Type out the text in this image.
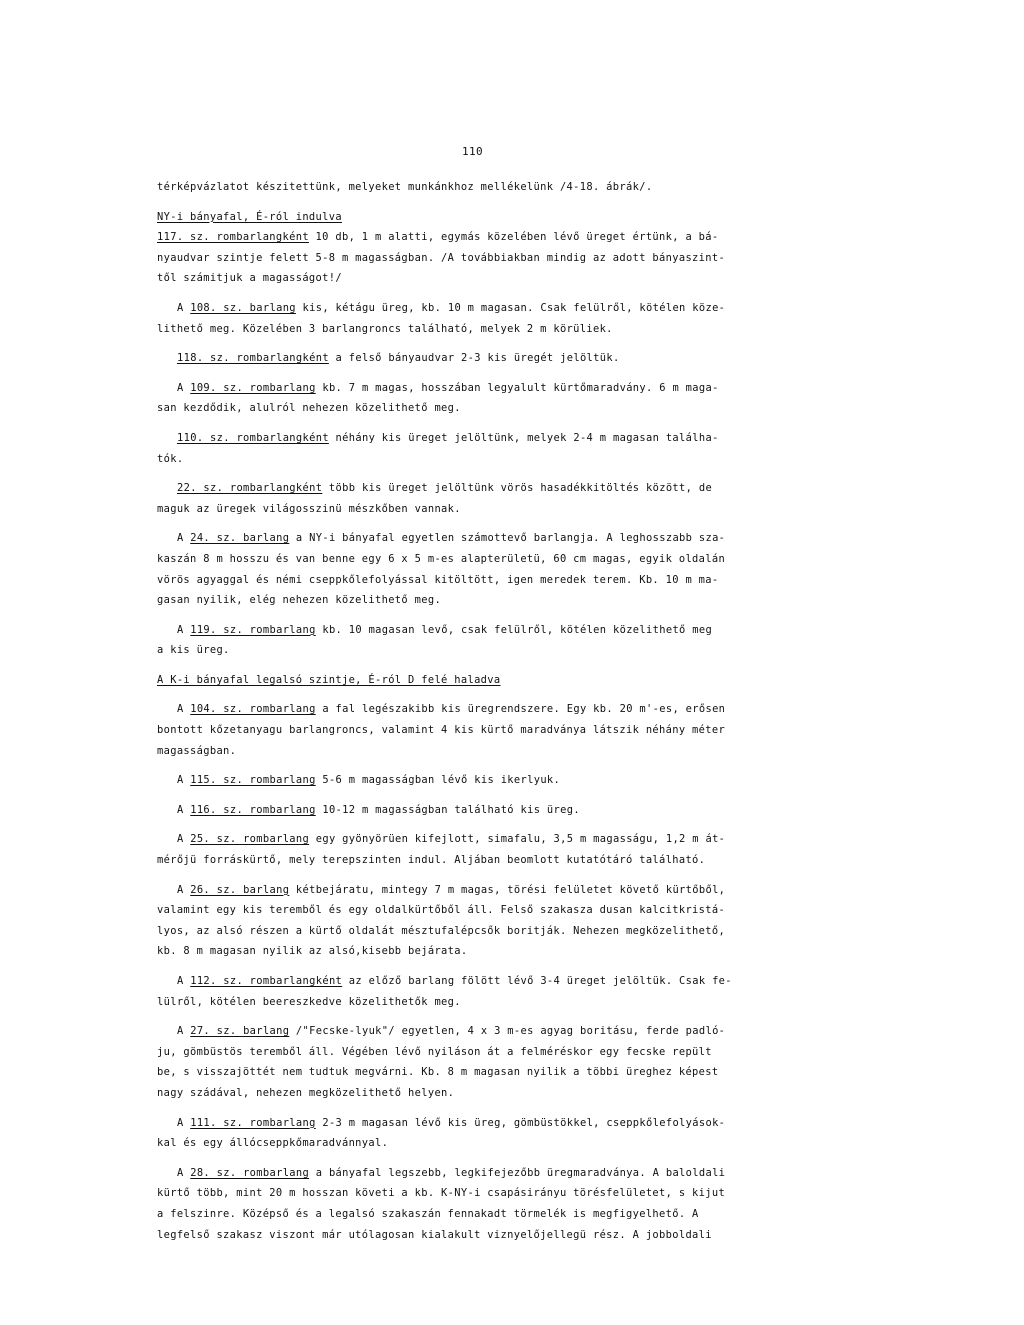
110
térképvázlatot készitettünk, melyeket munkánkhoz mellékelünk /4-18. ábrák/.
NY-i bányafal, É-ról indulva
117. sz. rombarlangként 10 db, 1 m alatti, egymás közelében lévő üreget értünk, a bá-
nyaudvar szintje felett 5-8 m magasságban. /A továbbiakban mindig az adott bányaszint-
től számitjuk a magasságot!/
A 108. sz. barlang kis, kétágu üreg, kb. 10 m magasan. Csak felülről, kötélen köze-
lithető meg. Közelében 3 barlangroncs található, melyek 2 m körüliek.
118. sz. rombarlangként a felső bányaudvar 2-3 kis üregét jelöltük.
A 109. sz. rombarlang kb. 7 m magas, hosszában legyalult kürtőmaradvány. 6 m maga-
san kezdődik, alulról nehezen közelithető meg.
110. sz. rombarlangként néhány kis üreget jelöltünk, melyek 2-4 m magasan találha-
tók.
22. sz. rombarlangként több kis üreget jelöltünk vörös hasadékkitöltés között, de
maguk az üregek világosszinü mészkőben vannak.
A 24. sz. barlang a NY-i bányafal egyetlen számottevő barlangja. A leghosszabb sza-
kaszán 8 m hosszu és van benne egy 6 x 5 m-es alapterületü, 60 cm magas, egyik oldalán
vörös agyaggal és némi cseppkőlefolyással kitöltött, igen meredek terem. Kb. 10 m ma-
gasan nyilik, elég nehezen közelithető meg.
A 119. sz. rombarlang kb. 10 magasan levő, csak felülről, kötélen közelithető meg
a kis üreg.
A K-i bányafal legalsó szintje, É-ról D felé haladva
A 104. sz. rombarlang a fal legészakibb kis üregrendszere. Egy kb. 20 m'-es, erősen
bontott kőzetanyagu barlangroncs, valamint 4 kis kürtő maradványa látszik néhány méter
magasságban.
A 115. sz. rombarlang 5-6 m magasságban lévő kis ikerlyuk.
A 116. sz. rombarlang 10-12 m magasságban található kis üreg.
A 25. sz. rombarlang egy gyönyörüen kifejlott, simafalu, 3,5 m magasságu, 1,2 m át-
mérőjü forráskürtő, mely terepszinten indul. Aljában beomlott kutatótáró található.
A 26. sz. barlang kétbejáratu, mintegy 7 m magas, törési felületet követő kürtőből,
valamint egy kis teremből és egy oldalkürtőből áll. Felső szakasza dusan kalcitkristá-
lyos, az alsó részen a kürtő oldalát mésztufalépcsők boritják. Nehezen megközelithető,
kb. 8 m magasan nyilik az alsó,kisebb bejárata.
A 112. sz. rombarlangként az előző barlang fölött lévő 3-4 üreget jelöltük. Csak fe-
lülről, kötélen beereszkedve közelithetők meg.
A 27. sz. barlang /"Fecske-lyuk"/ egyetlen, 4 x 3 m-es agyag boritásu, ferde padló-
ju, gömbüstös teremből áll. Végében lévő nyiláson át a felméréskor egy fecske repült
be, s visszajöttét nem tudtuk megvárni. Kb. 8 m magasan nyilik a többi üreghez képest
nagy szádával, nehezen megközelithető helyen.
A 111. sz. rombarlang 2-3 m magasan lévő kis üreg, gömbüstökkel, cseppkőlefolyások-
kal és egy állócseppkőmaradvánnyal.
A 28. sz. rombarlang a bányafal legszebb, legkifejezőbb üregmaradványa. A baloldali
kürtő több, mint 20 m hosszan követi a kb. K-NY-i csapásirányu törésfelületet, s kijut
a felszinre. Középső és a legalsó szakaszán fennakadt törmelék is megfigyelhető. A
legfelső szakasz viszont már utólagosan kialakult viznyelőjellegü rész. A jobboldali
